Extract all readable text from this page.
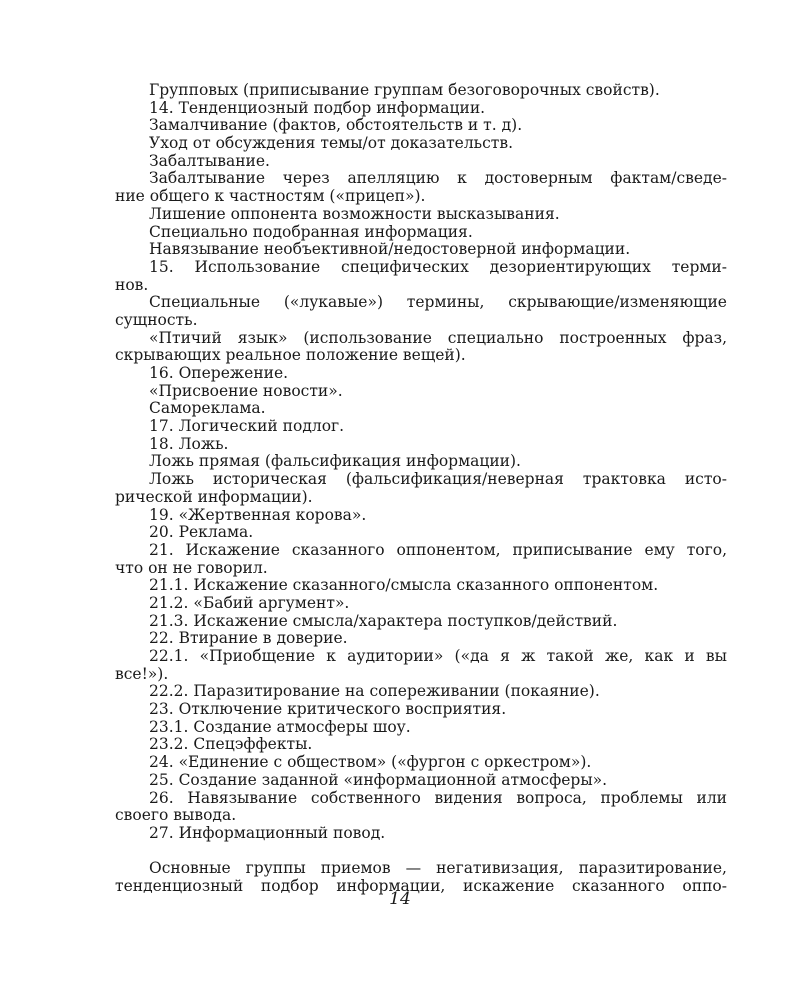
Групповых (приписывание группам безоговорочных свойств).

14. Тенденциозный подбор информации.

Замалчивание (фактов, обстоятельств и т. д).

Уход от обсуждения темы/от доказательств.

Забалтывание.

Забалтывание через апелляцию к достоверным фактам/сведе-

ние общего к частностям («прицеп»).

Лишение оппонента возможности высказывания.

Специально подобранная информация.

Навязывание необъективной/недостоверной информации.

15. Использование специфических дезориентирующих терми-

нов.

Специальные («лукавые») термины, скрывающие/изменяющие

сущность.

«Птичий язык» (использование специально построенных фраз,

скрывающих реальное положение вещей).

16. Опережение.

«Присвоение новости».

Самореклама.

17. Логический подлог.

18. Ложь.

Ложь прямая (фальсификация информации).

Ложь историческая (фальсификация/неверная трактовка исто-

рической информации).

19. «Жертвенная корова».

20. Реклама.

21. Искажение сказанного оппонентом, приписывание ему того,

что он не говорил.

21.1. Искажение сказанного/смысла сказанного оппонентом.

21.2. «Бабий аргумент».

21.3. Искажение смысла/характера поступков/действий.

22. Втирание в доверие.

22.1. «Приобщение к аудитории» («да я ж такой же, как и вы

все!»).

22.2. Паразитирование на сопереживании (покаяние).

23. Отключение критического восприятия.

23.1. Создание атмосферы шоу.

23.2. Спецэффекты.

24. «Единение с обществом» («фургон с оркестром»).

25. Создание заданной «информационной атмосферы».

26. Навязывание собственного видения вопроса, проблемы или

своего вывода.

27. Информационный повод.

Основные группы приемов — негативизация, паразитирование,

тенденциозный подбор информации, искажение сказанного оппо-

14
